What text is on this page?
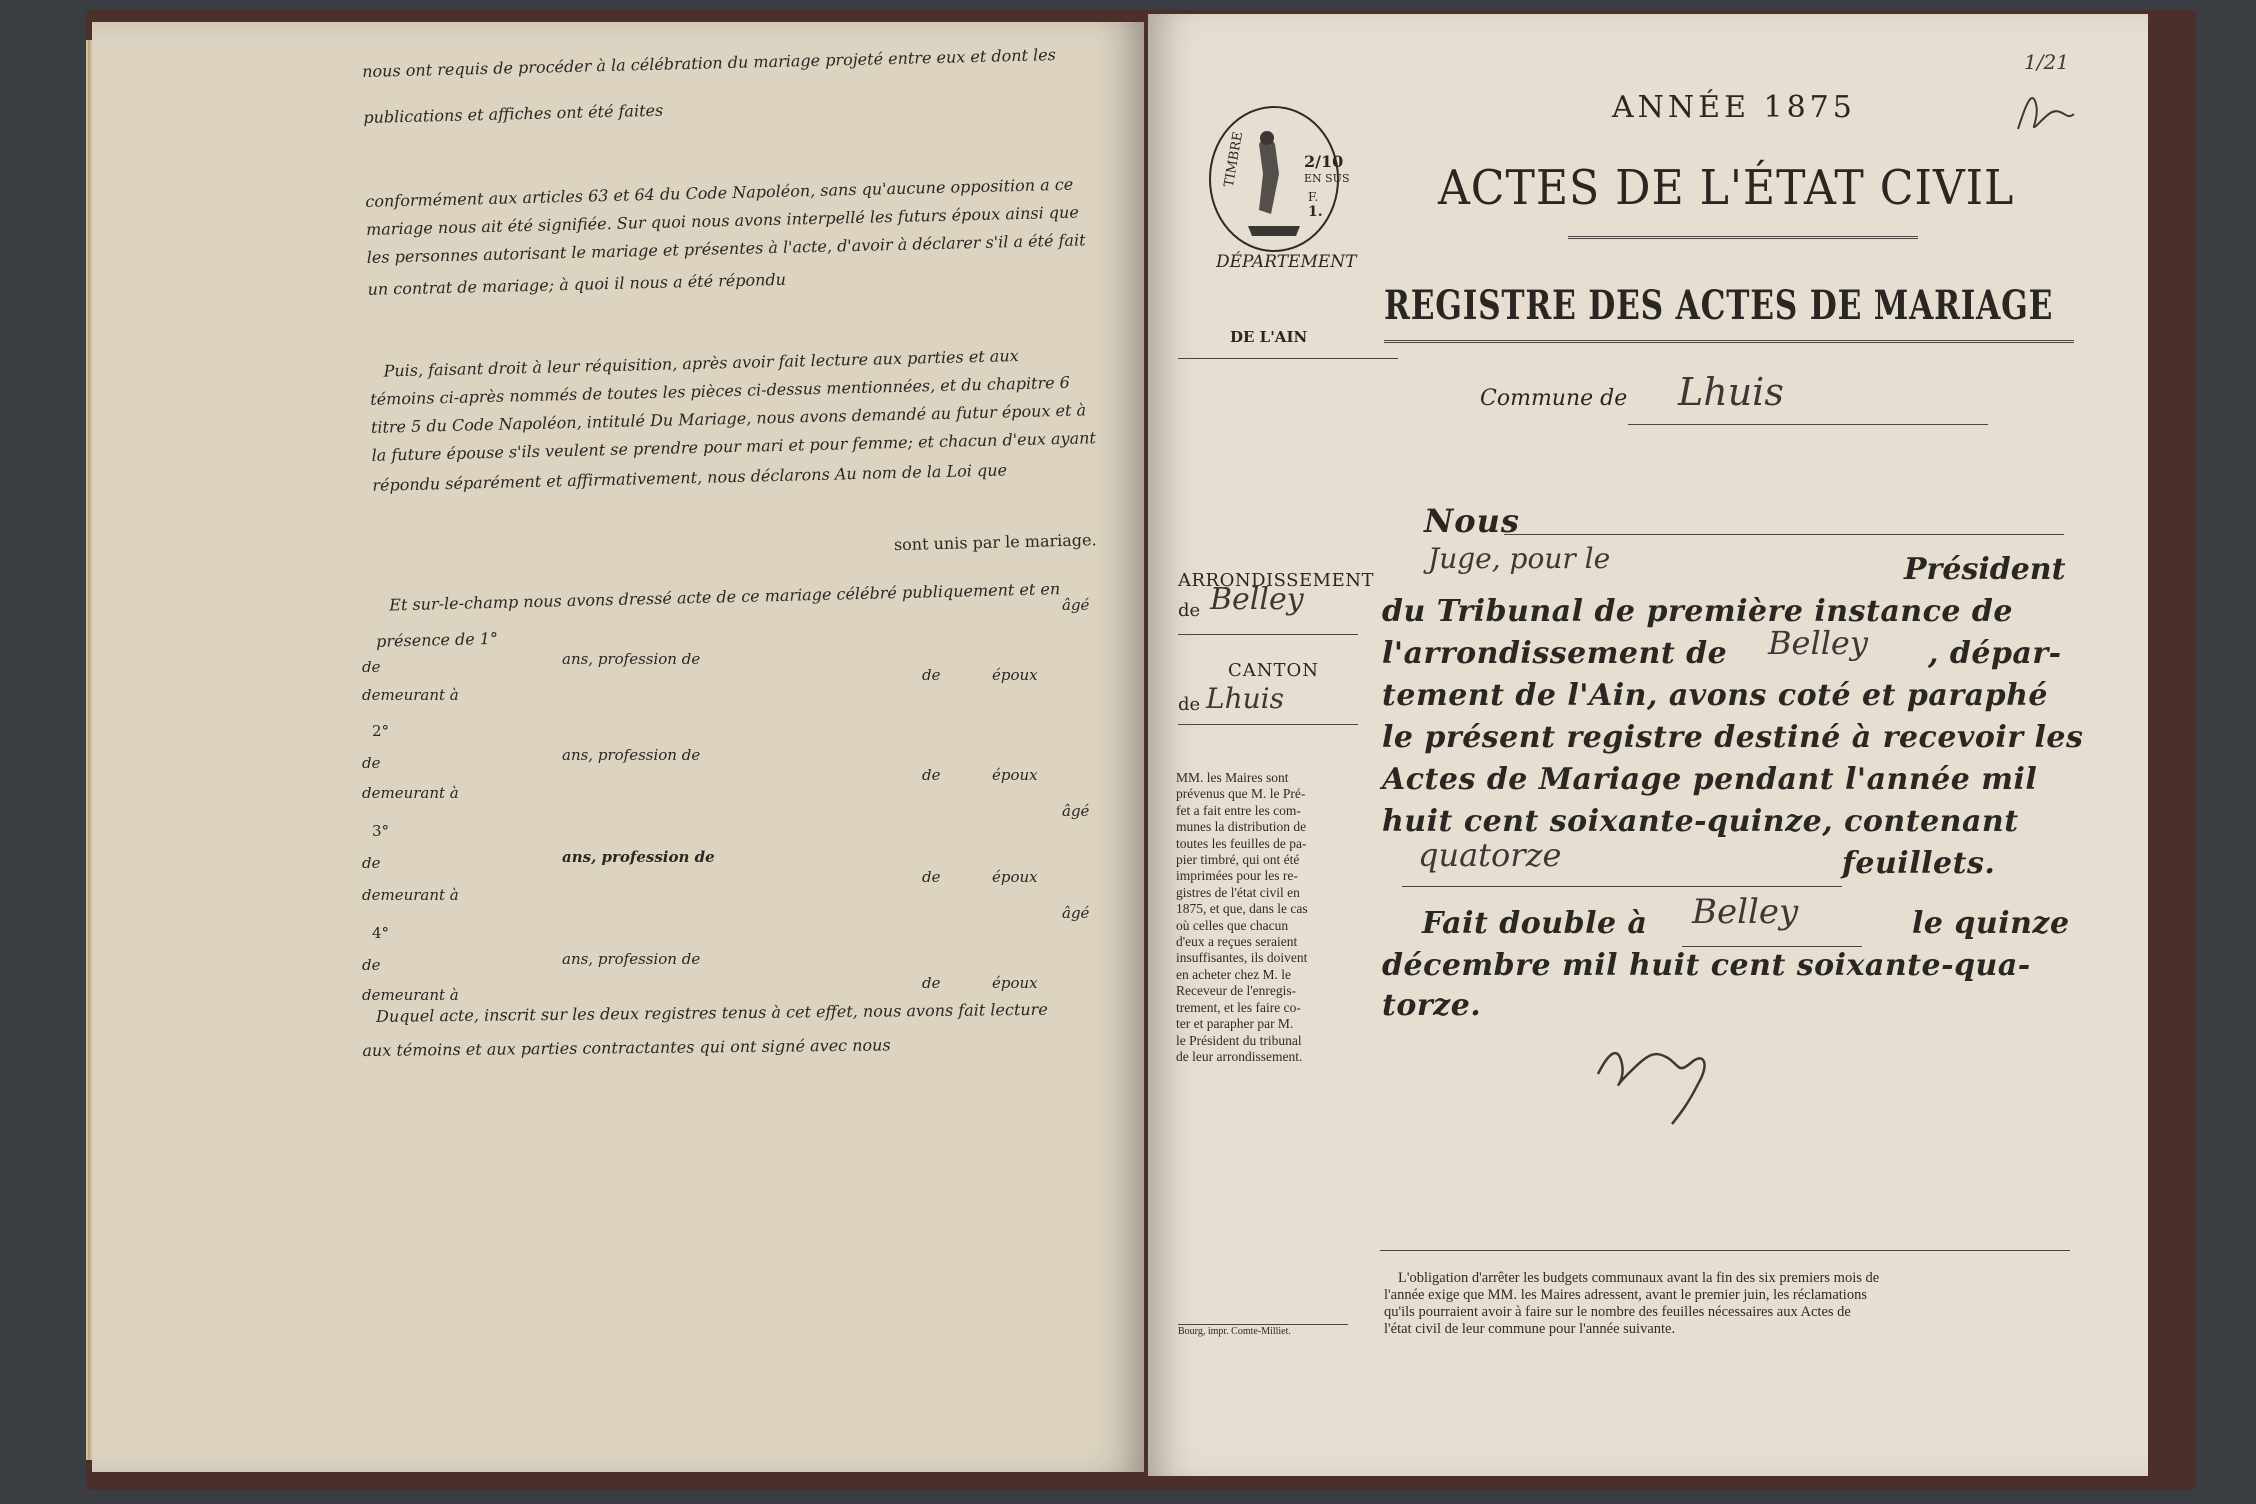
nous ont requis de procéder à la célébration du mariage projeté entre eux et dont les
publications et affiches ont été faites
conformément aux articles 63 et 64 du Code Napoléon, sans qu'aucune opposition a ce
mariage nous ait été signifiée. Sur quoi nous avons interpellé les futurs époux ainsi que
les personnes autorisant le mariage et présentes à l'acte, d'avoir à déclarer s'il a été fait
un contrat de mariage; à quoi il nous a été répondu
Puis, faisant droit à leur réquisition, après avoir fait lecture aux parties et aux
témoins ci-après nommés de toutes les pièces ci-dessus mentionnées, et du chapitre 6
titre 5 du Code Napoléon, intitulé Du Mariage, nous avons demandé au futur époux et à
la future épouse s'ils veulent se prendre pour mari et pour femme; et chacun d'eux ayant
répondu séparément et affirmativement, nous déclarons Au nom de la Loi que
sont unis par le mariage.
Et sur-le-champ nous avons dressé acte de ce mariage célébré publiquement et en
présence de 1°
âgé
de	ans, profession de
de	époux
demeurant à
2°
de	ans, profession de
de	époux
demeurant à
âgé
3°
de	ans, profession de
de	époux
demeurant à
âgé
4°
de	ans, profession de
de	époux
demeurant à
Duquel acte, inscrit sur les deux registres tenus à cet effet, nous avons fait lecture
aux témoins et aux parties contractantes qui ont signé avec nous
1/21
ANNÉE 1875
ACTES DE L'ÉTAT CIVIL
REGISTRE DES ACTES DE MARIAGE
TIMBRE	2/10
EN SUS
F.
1.
DÉPARTEMENT
DE L'AIN
Commune de Lhuis
ARRONDISSEMENT
de Belley
CANTON
de Lhuis
MM. les Maires sont
prévenus que M. le Pré-
fet a fait entre les com-
munes la distribution de
toutes les feuilles de pa-
pier timbré, qui ont été
imprimées pour les re-
gistres de l'état civil en
1875, et que, dans le cas
où celles que chacun
d'eux a reçues seraient
insuffisantes, ils doivent
en acheter chez M. le
Receveur de l'enregis-
trement, et les faire co-
ter et parapher par M.
le Président du tribunal
de leur arrondissement.
Nous
Juge, pour le	Président
du Tribunal de première instance de
l'arrondissement de Belley , dépar-
tement de l'Ain, avons coté et paraphé
le présent registre destiné à recevoir les
Actes de Mariage pendant l'année mil
huit cent soixante-quinze, contenant
quatorze	feuillets.
Fait double à Belley	le quinze
décembre mil huit cent soixante-qua-
torze.
Bourg, impr. Comte-Milliet.
L'obligation d'arrêter les budgets communaux avant la fin des six premiers mois de
l'année exige que MM. les Maires adressent, avant le premier juin, les réclamations
qu'ils pourraient avoir à faire sur le nombre des feuilles nécessaires aux Actes de
l'état civil de leur commune pour l'année suivante.
